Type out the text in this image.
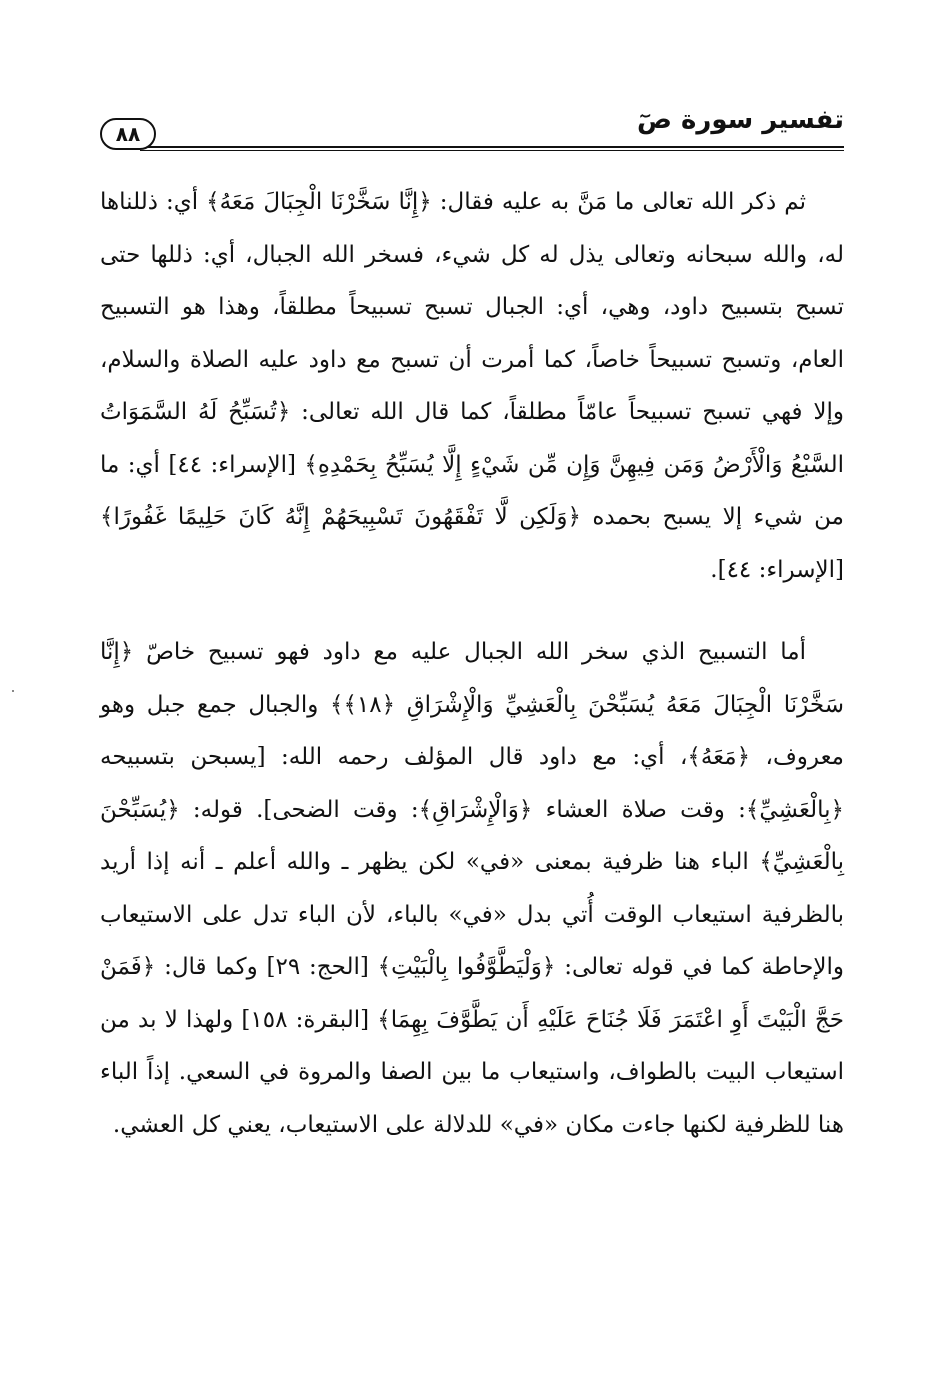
تفسير سورة صٓ
٨٨

ثم ذكر الله تعالى ما مَنَّ به عليه فقال: ﴿إِنَّا سَخَّرْنَا الْجِبَالَ مَعَهُ﴾ أي: ذللناها له، والله سبحانه وتعالى يذل له كل شيء، فسخر الله الجبال، أي: ذللها حتى تسبح بتسبيح داود، وهي، أي: الجبال تسبح تسبيحاً مطلقاً، وهذا هو التسبيح العام، وتسبح تسبيحاً خاصاً، كما أمرت أن تسبح مع داود عليه الصلاة والسلام، وإلا فهي تسبح تسبيحاً عامّاً مطلقاً، كما قال الله تعالى: ﴿تُسَبِّحُ لَهُ السَّمَوَاتُ السَّبْعُ وَالْأَرْضُ وَمَن فِيهِنَّ وَإِن مِّن شَيْءٍ إِلَّا يُسَبِّحُ بِحَمْدِهِ﴾ [الإسراء: ٤٤] أي: ما من شيء إلا يسبح بحمده ﴿وَلَكِن لَّا تَفْقَهُونَ تَسْبِيحَهُمْ إِنَّهُ كَانَ حَلِيمًا غَفُورًا﴾ [الإسراء: ٤٤].

أما التسبيح الذي سخر الله الجبال عليه مع داود فهو تسبيح خاصّ ﴿إِنَّا سَخَّرْنَا الْجِبَالَ مَعَهُ يُسَبِّحْنَ بِالْعَشِيِّ وَالْإِشْرَاقِ ﴿١٨﴾﴾ والجبال جمع جبل وهو معروف، ﴿مَعَهُ﴾، أي: مع داود قال المؤلف رحمه الله: [يسبحن بتسبيحه ﴿بِالْعَشِيِّ﴾: وقت صلاة العشاء ﴿وَالْإِشْرَاقِ﴾: وقت الضحى]. قوله: ﴿يُسَبِّحْنَ بِالْعَشِيِّ﴾ الباء هنا ظرفية بمعنى «في» لكن يظهر ـ والله أعلم ـ أنه إذا أريد بالظرفية استيعاب الوقت أُتي بدل «في» بالباء، لأن الباء تدل على الاستيعاب والإحاطة كما في قوله تعالى: ﴿وَلْيَطَّوَّفُوا بِالْبَيْتِ﴾ [الحج: ٢٩] وكما قال: ﴿فَمَنْ حَجَّ الْبَيْتَ أَوِ اعْتَمَرَ فَلَا جُنَاحَ عَلَيْهِ أَن يَطَّوَّفَ بِهِمَا﴾ [البقرة: ١٥٨] ولهذا لا بد من استيعاب البيت بالطواف، واستيعاب ما بين الصفا والمروة في السعي. إذاً الباء هنا للظرفية لكنها جاءت مكان «في» للدلالة على الاستيعاب، يعني كل العشي.
